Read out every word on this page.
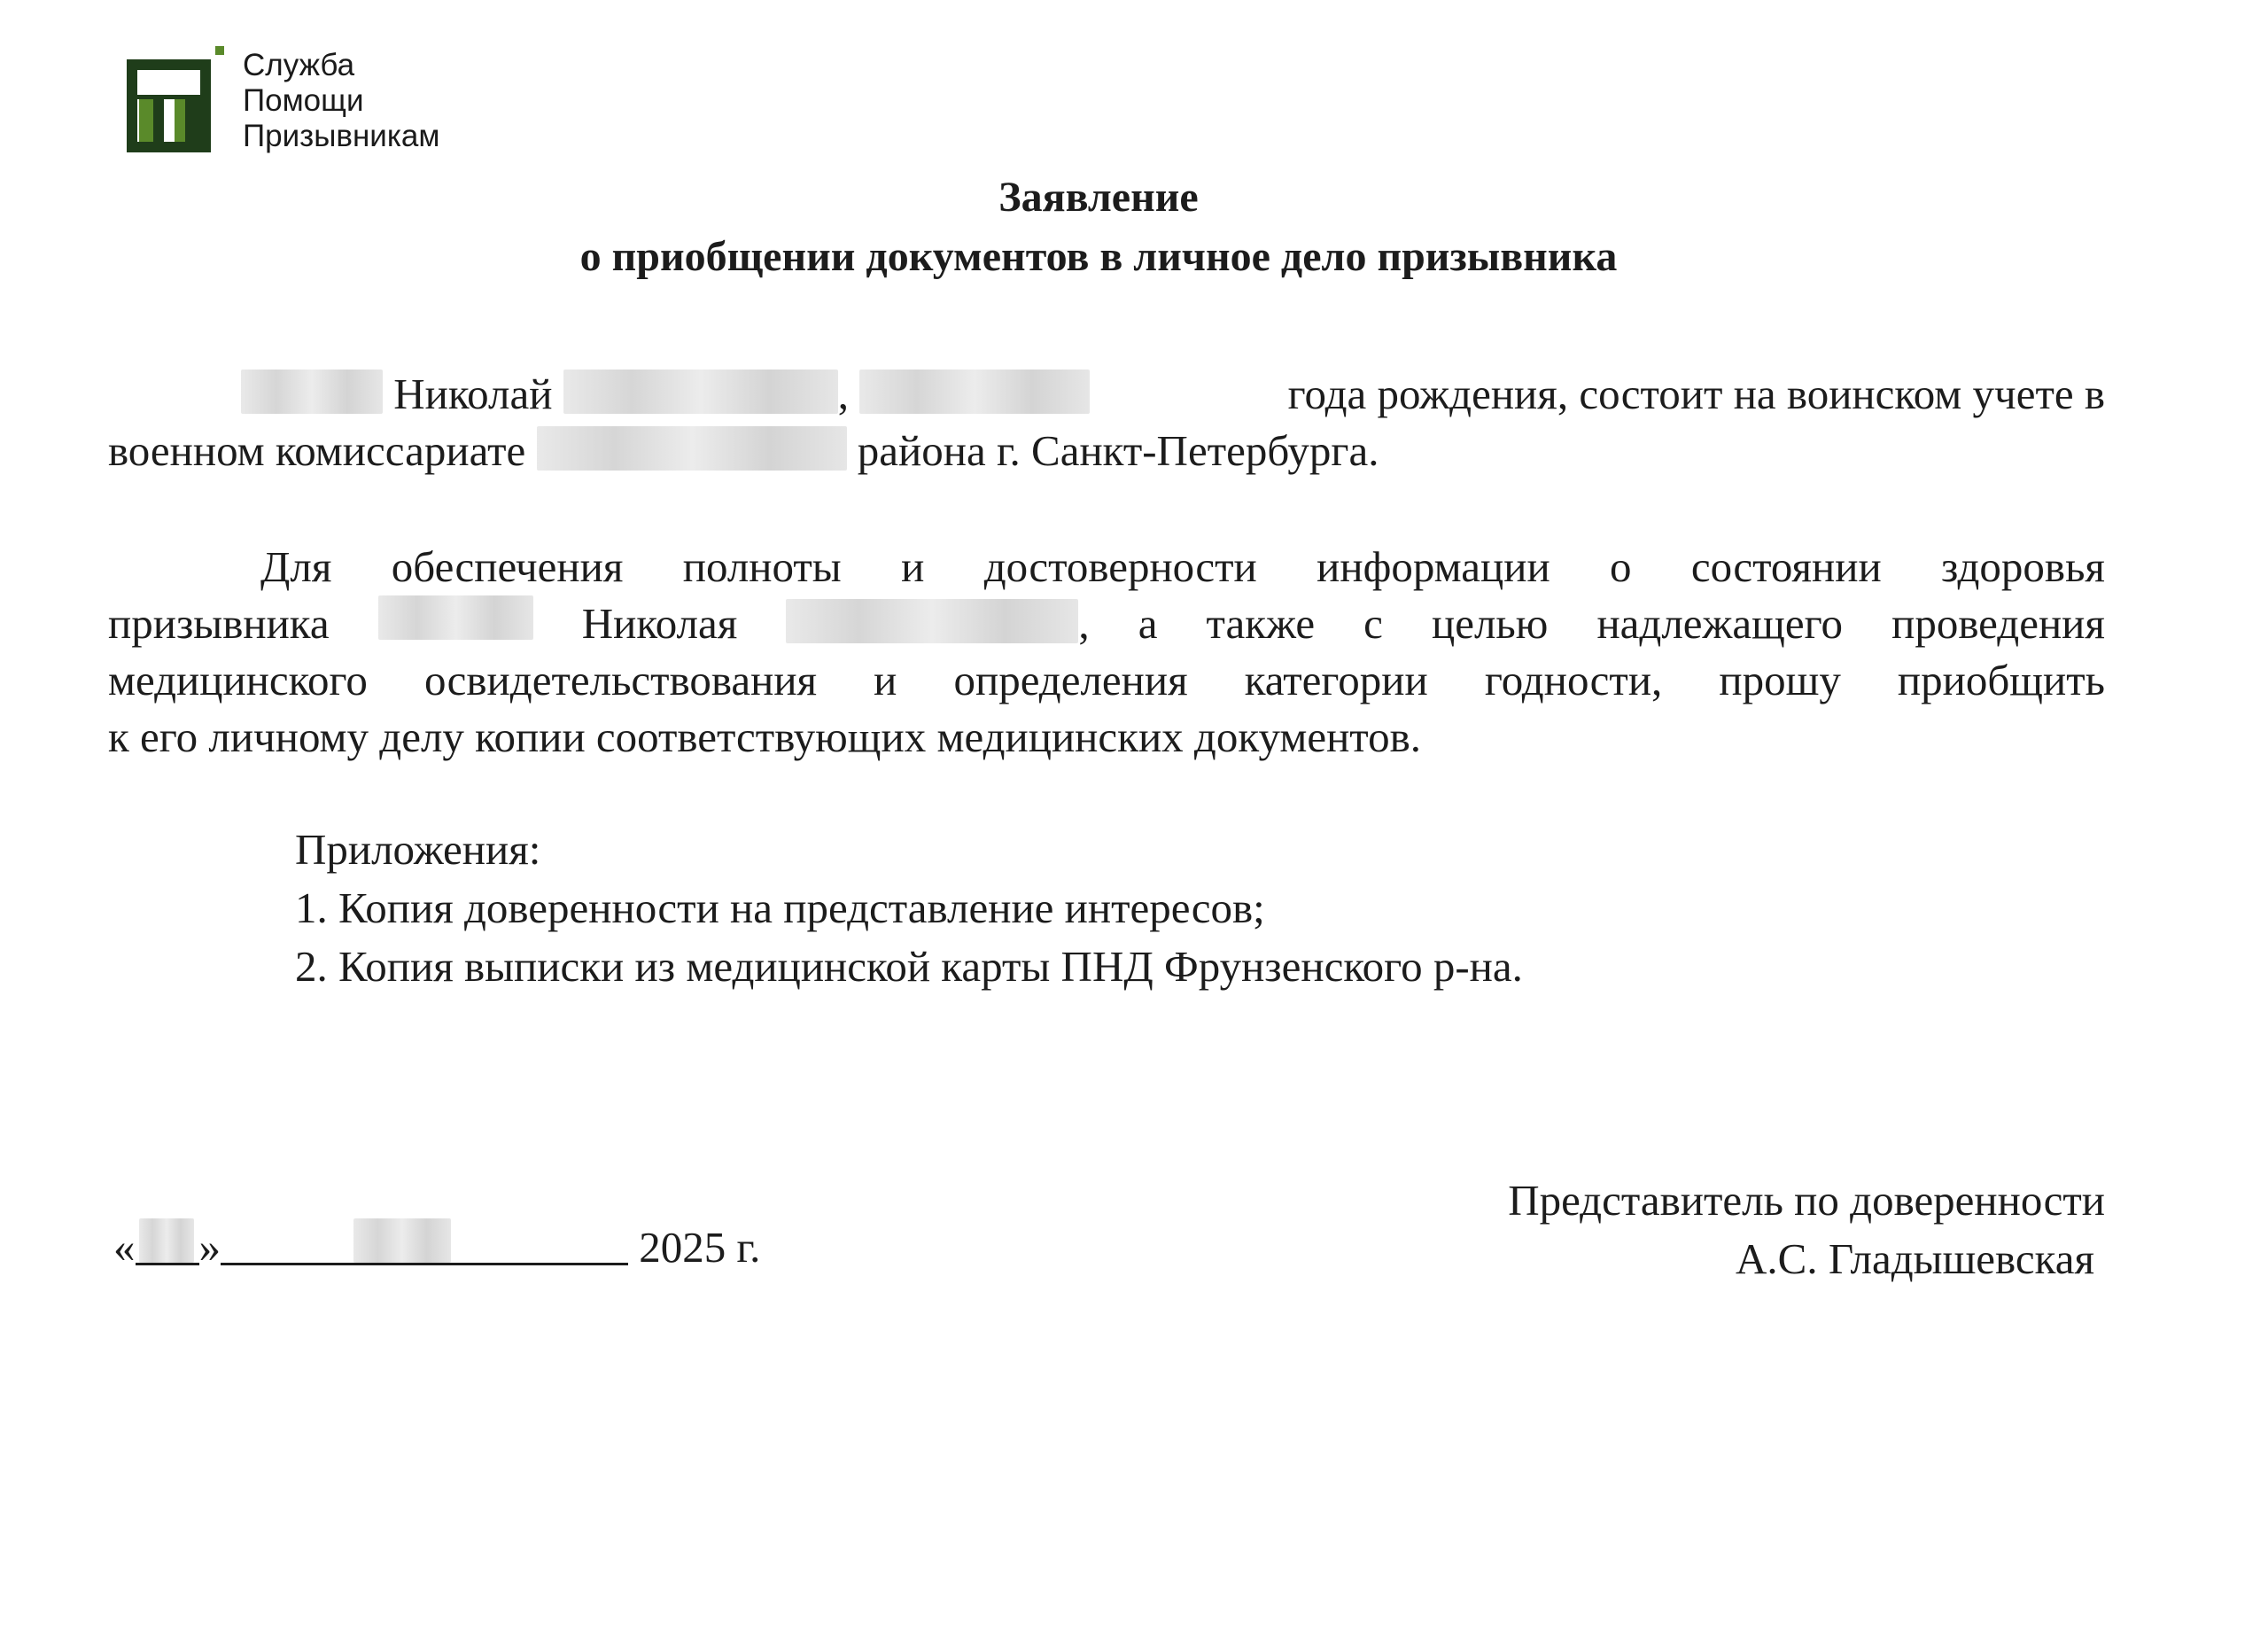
Служба
Помощи
Призывникам
Заявление
о приобщении документов в личное дело призывника
Николай	,	года рождения, состоит на воинском учете в
военном комиссариате	района г. Санкт-Петербурга.
Для обеспечения полноты и достоверности информации о состоянии здоровья
призывника	Николая	, а также с целью надлежащего проведения
медицинского освидетельствования и определения категории годности, прошу приобщить
к его личному делу копии соответствующих медицинских документов.
Приложения:
1. Копия доверенности на представление интересов;
2. Копия выписки из медицинской карты ПНД Фрунзенского р-на.
Представитель по доверенности
А.С. Гладышевская
« »	2025 г.
